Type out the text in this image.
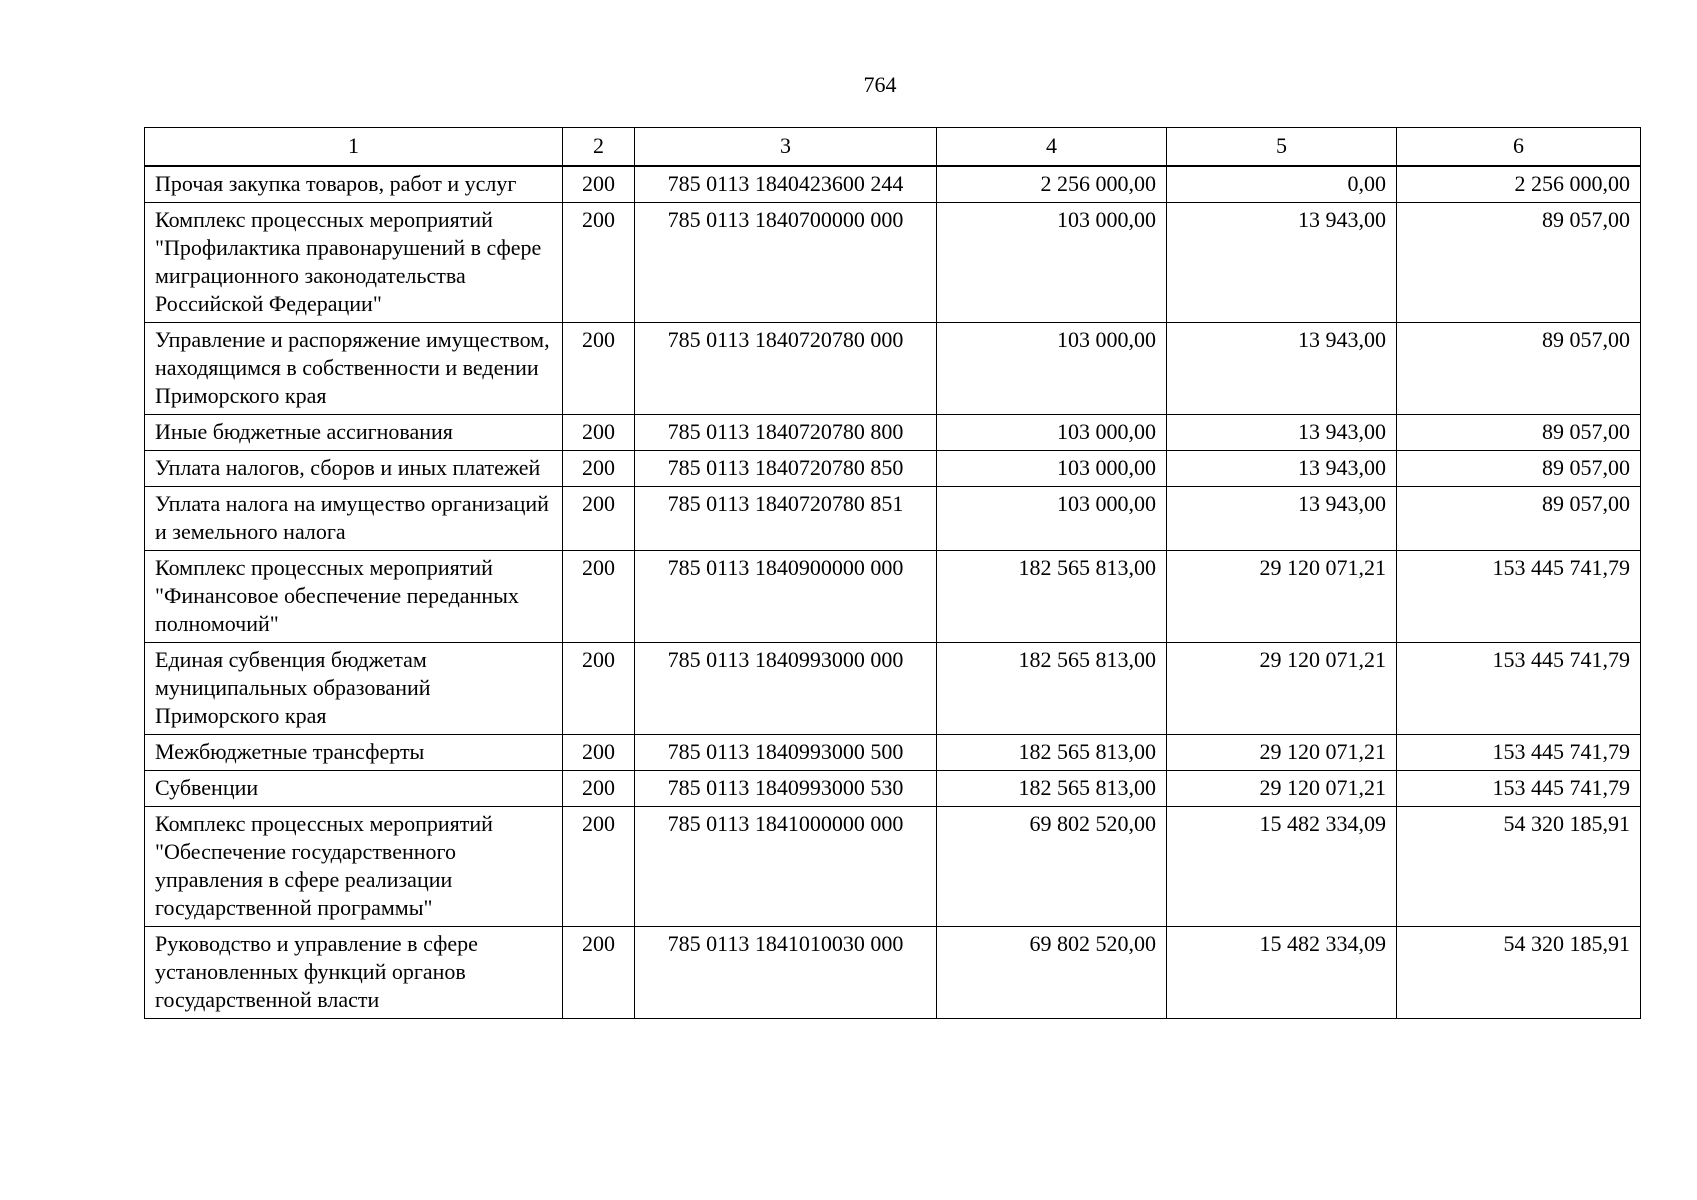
764
1	2	3	4	5	6
Прочая закупка товаров, работ и услуг	200	785 0113 1840423600 244	2 256 000,00	0,00	2 256 000,00
Комплекс процессных мероприятий "Профилактика правонарушений в сфере миграционного законодательства Российской Федерации"	200	785 0113 1840700000 000	103 000,00	13 943,00	89 057,00
Управление и распоряжение имуществом, находящимся в собственности и ведении Приморского края	200	785 0113 1840720780 000	103 000,00	13 943,00	89 057,00
Иные бюджетные ассигнования	200	785 0113 1840720780 800	103 000,00	13 943,00	89 057,00
Уплата налогов, сборов и иных платежей	200	785 0113 1840720780 850	103 000,00	13 943,00	89 057,00
Уплата налога на имущество организаций и земельного налога	200	785 0113 1840720780 851	103 000,00	13 943,00	89 057,00
Комплекс процессных мероприятий "Финансовое обеспечение переданных полномочий"	200	785 0113 1840900000 000	182 565 813,00	29 120 071,21	153 445 741,79
Единая субвенция бюджетам муниципальных образований Приморского края	200	785 0113 1840993000 000	182 565 813,00	29 120 071,21	153 445 741,79
Межбюджетные трансферты	200	785 0113 1840993000 500	182 565 813,00	29 120 071,21	153 445 741,79
Субвенции	200	785 0113 1840993000 530	182 565 813,00	29 120 071,21	153 445 741,79
Комплекс процессных мероприятий "Обеспечение государственного управления в сфере реализации государственной программы"	200	785 0113 1841000000 000	69 802 520,00	15 482 334,09	54 320 185,91
Руководство и управление в сфере установленных функций органов государственной власти	200	785 0113 1841010030 000	69 802 520,00	15 482 334,09	54 320 185,91
